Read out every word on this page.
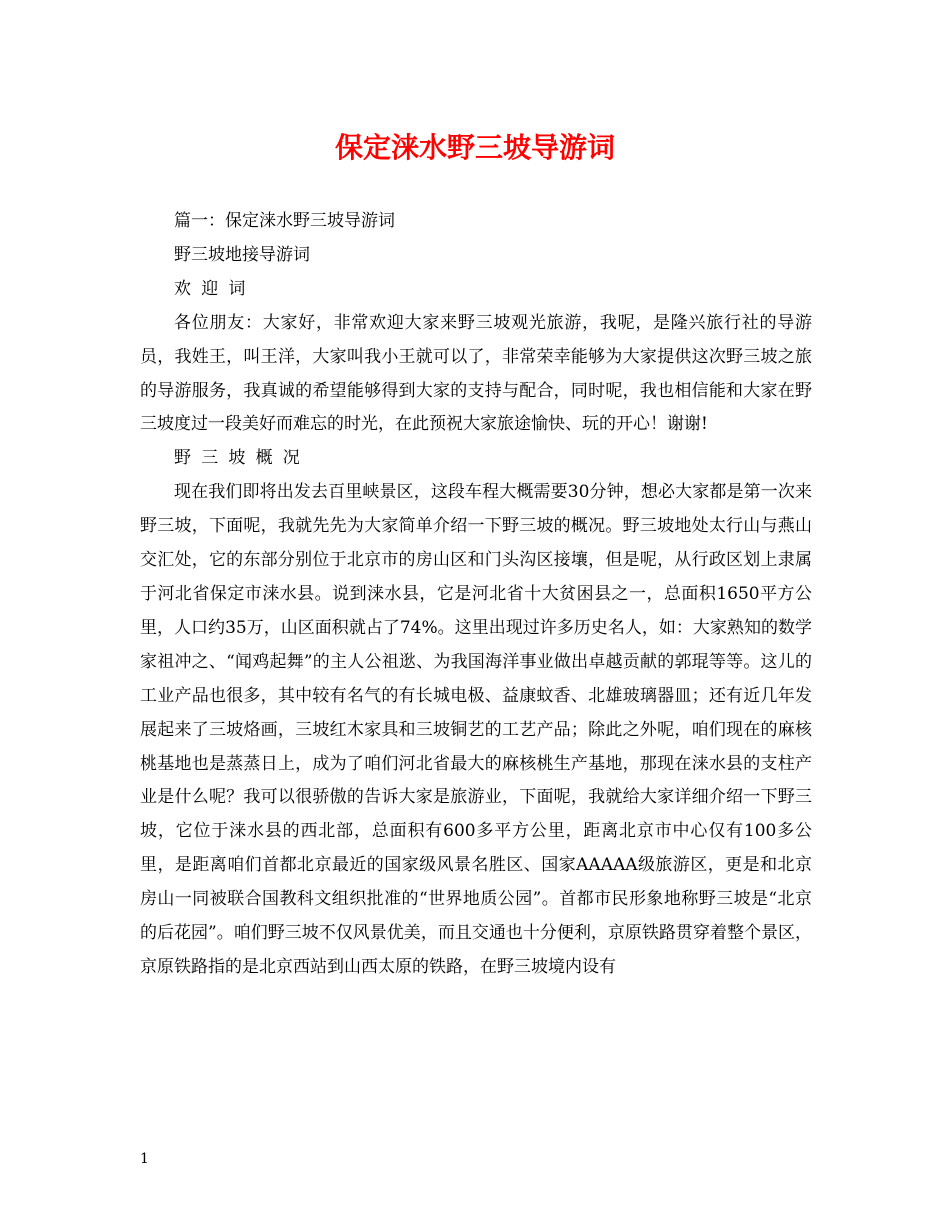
保定涞水野三坡导游词

篇一：保定涞水野三坡导游词

野三坡地接导游词

欢迎词

各位朋友：大家好，非常欢迎大家来野三坡观光旅游，我呢，是隆兴旅行社的导游员，我姓王，叫王洋，大家叫我小王就可以了，非常荣幸能够为大家提供这次野三坡之旅的导游服务，我真诚的希望能够得到大家的支持与配合，同时呢，我也相信能和大家在野三坡度过一段美好而难忘的时光，在此预祝大家旅途愉快、玩的开心！谢谢!

野三坡概况

现在我们即将出发去百里峡景区，这段车程大概需要30分钟，想必大家都是第一次来野三坡，下面呢，我就先先为大家简单介绍一下野三坡的概况。野三坡地处太行山与燕山交汇处，它的东部分别位于北京市的房山区和门头沟区接壤，但是呢，从行政区划上隶属于河北省保定市涞水县。说到涞水县，它是河北省十大贫困县之一，总面积1650平方公里，人口约35万，山区面积就占了74%。这里出现过许多历史名人，如：大家熟知的数学家祖冲之、“闻鸡起舞”的主人公祖逖、为我国海洋事业做出卓越贡献的郭琨等等。这儿的工业产品也很多，其中较有名气的有长城电极、益康蚊香、北雄玻璃器皿；还有近几年发展起来了三坡烙画，三坡红木家具和三坡铜艺的工艺产品；除此之外呢，咱们现在的麻核桃基地也是蒸蒸日上，成为了咱们河北省最大的麻核桃生产基地，那现在涞水县的支柱产业是什么呢？我可以很骄傲的告诉大家是旅游业，下面呢，我就给大家详细介绍一下野三坡，它位于涞水县的西北部，总面积有600多平方公里，距离北京市中心仅有100多公里，是距离咱们首都北京最近的国家级风景名胜区、国家AAAAA级旅游区，更是和北京房山一同被联合国教科文组织批准的“世界地质公园”。首都市民形象地称野三坡是“北京的后花园”。咱们野三坡不仅风景优美，而且交通也十分便利，京原铁路贯穿着整个景区，京原铁路指的是北京西站到山西太原的铁路，在野三坡境内设有

1
